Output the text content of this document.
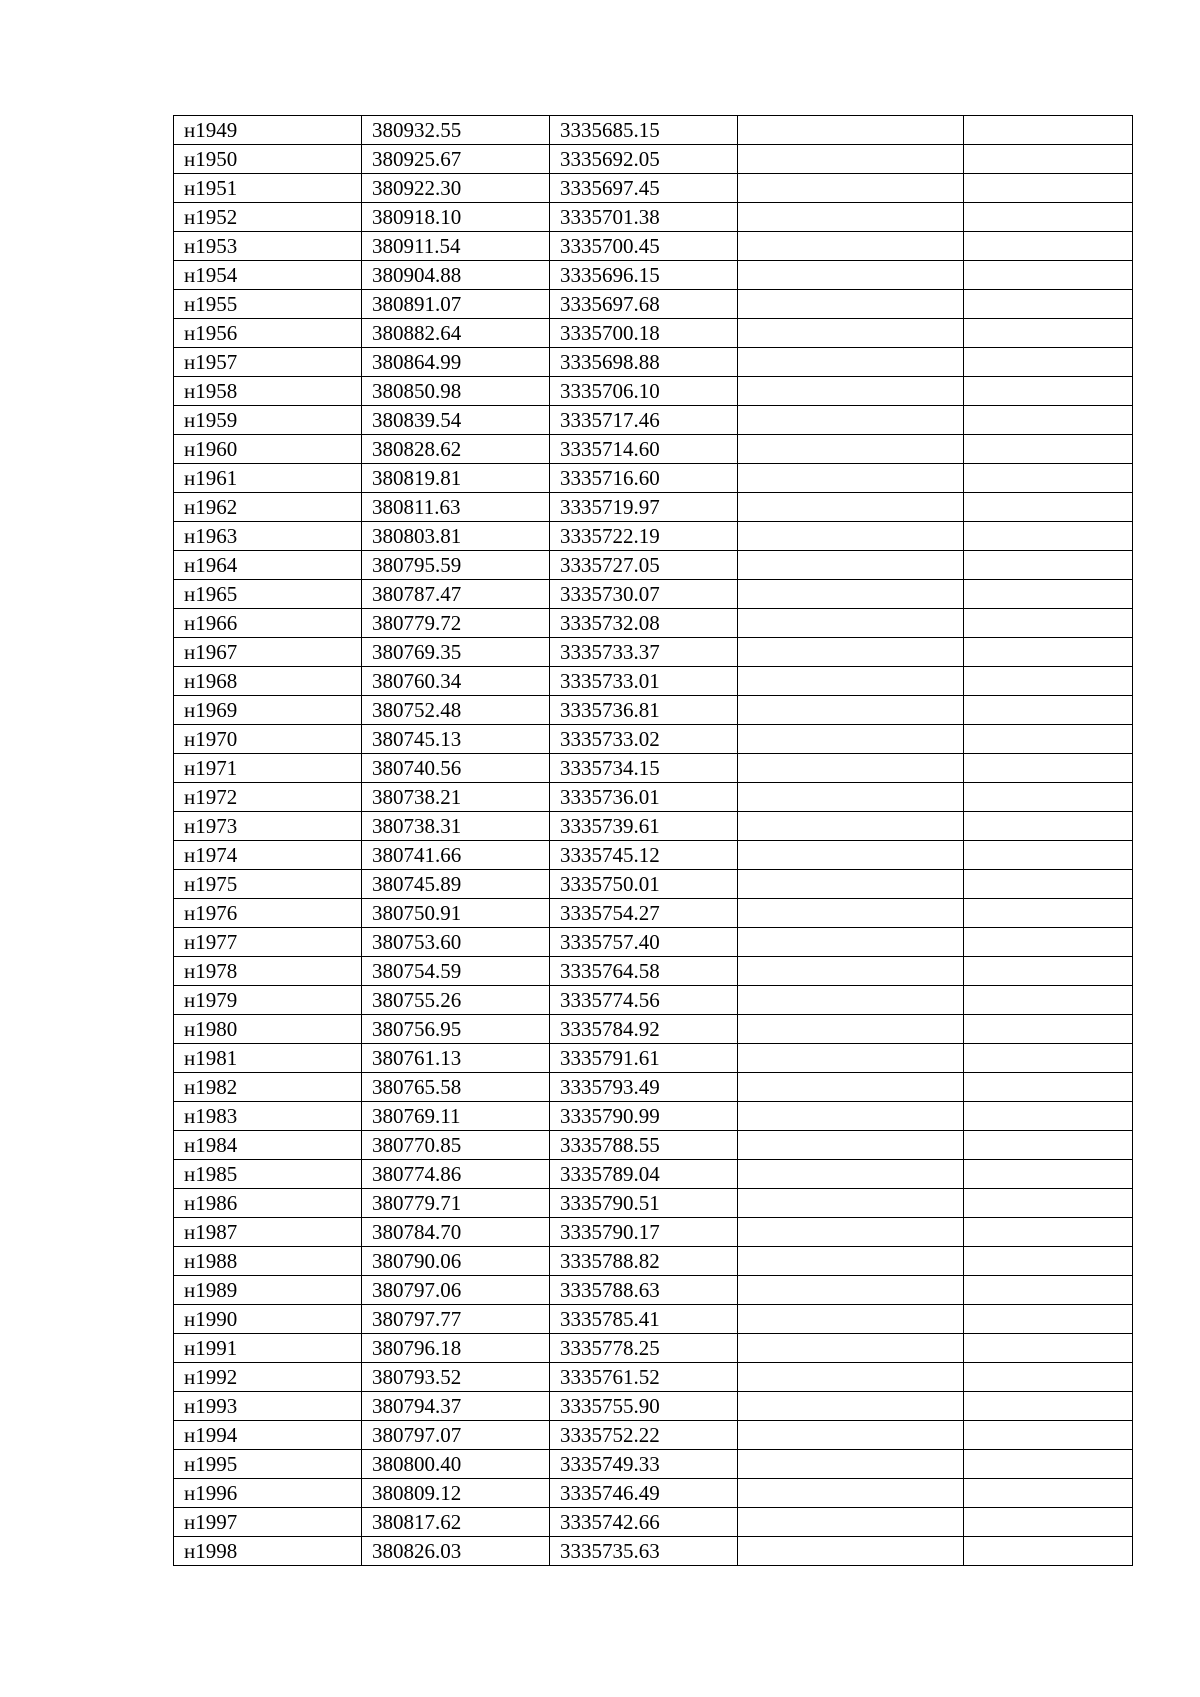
н1949	380932.55	3335685.15		
н1950	380925.67	3335692.05		
н1951	380922.30	3335697.45		
н1952	380918.10	3335701.38		
н1953	380911.54	3335700.45		
н1954	380904.88	3335696.15		
н1955	380891.07	3335697.68		
н1956	380882.64	3335700.18		
н1957	380864.99	3335698.88		
н1958	380850.98	3335706.10		
н1959	380839.54	3335717.46		
н1960	380828.62	3335714.60		
н1961	380819.81	3335716.60		
н1962	380811.63	3335719.97		
н1963	380803.81	3335722.19		
н1964	380795.59	3335727.05		
н1965	380787.47	3335730.07		
н1966	380779.72	3335732.08		
н1967	380769.35	3335733.37		
н1968	380760.34	3335733.01		
н1969	380752.48	3335736.81		
н1970	380745.13	3335733.02		
н1971	380740.56	3335734.15		
н1972	380738.21	3335736.01		
н1973	380738.31	3335739.61		
н1974	380741.66	3335745.12		
н1975	380745.89	3335750.01		
н1976	380750.91	3335754.27		
н1977	380753.60	3335757.40		
н1978	380754.59	3335764.58		
н1979	380755.26	3335774.56		
н1980	380756.95	3335784.92		
н1981	380761.13	3335791.61		
н1982	380765.58	3335793.49		
н1983	380769.11	3335790.99		
н1984	380770.85	3335788.55		
н1985	380774.86	3335789.04		
н1986	380779.71	3335790.51		
н1987	380784.70	3335790.17		
н1988	380790.06	3335788.82		
н1989	380797.06	3335788.63		
н1990	380797.77	3335785.41		
н1991	380796.18	3335778.25		
н1992	380793.52	3335761.52		
н1993	380794.37	3335755.90		
н1994	380797.07	3335752.22		
н1995	380800.40	3335749.33		
н1996	380809.12	3335746.49		
н1997	380817.62	3335742.66		
н1998	380826.03	3335735.63		
